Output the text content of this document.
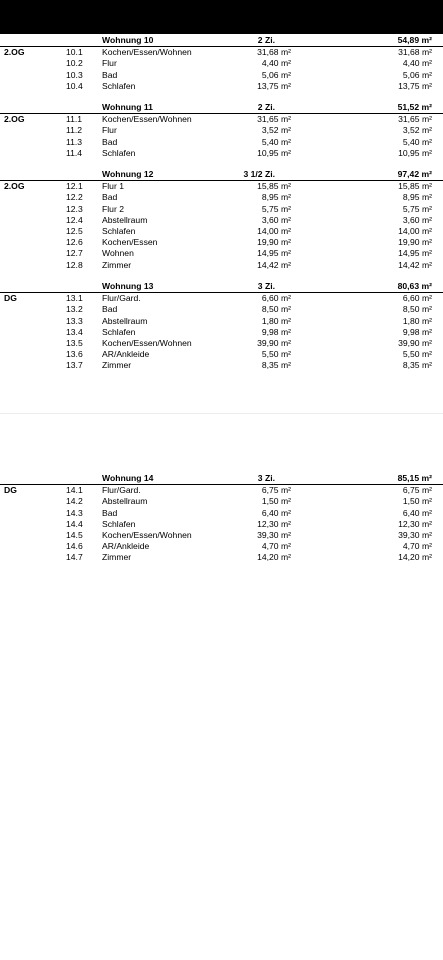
Wohnung 10	2 Zi.	54,89 m²
2.OG	10.1 Kochen/Essen/Wohnen	31,68 m²	31,68 m²
10.2 Flur	4,40 m²	4,40 m²
10.3 Bad	5,06 m²	5,06 m²
10.4 Schlafen	13,75 m²	13,75 m²
Wohnung 11	2 Zi.	51,52 m²
2.OG	11.1 Kochen/Essen/Wohnen	31,65 m²	31,65 m²
11.2 Flur	3,52 m²	3,52 m²
11.3 Bad	5,40 m²	5,40 m²
11.4 Schlafen	10,95 m²	10,95 m²
Wohnung 12	3 1/2 Zi.	97,42 m²
2.OG	12.1 Flur 1	15,85 m²	15,85 m²
12.2 Bad	8,95 m²	8,95 m²
12.3 Flur 2	5,75 m²	5,75 m²
12.4 Abstellraum	3,60 m²	3,60 m²
12.5 Schlafen	14,00 m²	14,00 m²
12.6 Kochen/Essen	19,90 m²	19,90 m²
12.7 Wohnen	14,95 m²	14,95 m²
12.8 Zimmer	14,42 m²	14,42 m²
Wohnung 13	3 Zi.	80,63 m²
DG	13.1 Flur/Gard.	6,60 m²	6,60 m²
13.2 Bad	8,50 m²	8,50 m²
13.3 Abstellraum	1,80 m²	1,80 m²
13.4 Schlafen	9,98 m²	9,98 m²
13.5 Kochen/Essen/Wohnen	39,90 m²	39,90 m²
13.6 AR/Ankleide	5,50 m²	5,50 m²
13.7 Zimmer	8,35 m²	8,35 m²
Wohnung 14	3 Zi.	85,15 m²
DG	14.1 Flur/Gard.	6,75 m²	6,75 m²
14.2 Abstellraum	1,50 m²	1,50 m²
14.3 Bad	6,40 m²	6,40 m²
14.4 Schlafen	12,30 m²	12,30 m²
14.5 Kochen/Essen/Wohnen	39,30 m²	39,30 m²
14.6 AR/Ankleide	4,70 m²	4,70 m²
14.7 Zimmer	14,20 m²	14,20 m²
